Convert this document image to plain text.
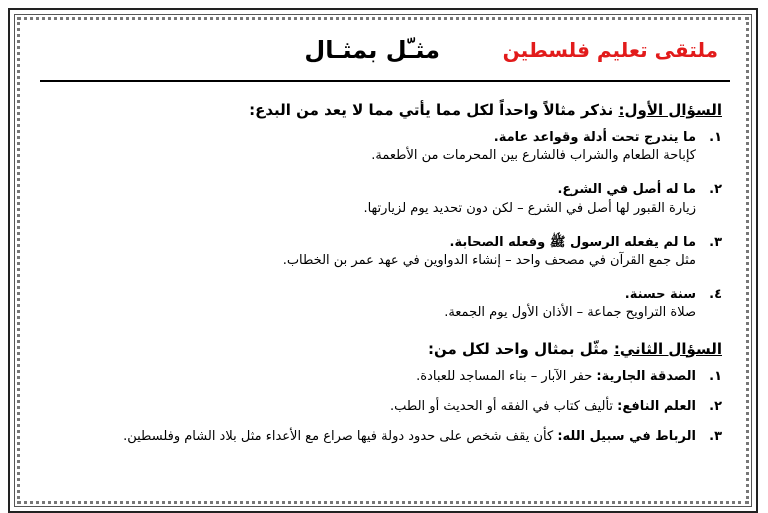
ملتقى تعليم فلسطين
مثـّل بمثـال
السؤال الأول: نذكر مثالاً واحداً لكل مما يأتي مما لا يعد من البدع:
١.ما يندرج تحت أدلة وقواعد عامة.
كإباحة الطعام والشراب فالشارع بين المحرمات من الأطعمة.
٢.ما له أصل في الشرع.
زيارة القبور لها أصل في الشرع – لكن دون تحديد يوم لزيارتها.
٣.ما لم يفعله الرسول ﷺ وفعله الصحابة.
مثل جمع القرآن في مصحف واحد – إنشاء الدواوين في عهد عمر بن الخطاب.
٤.سنة حسنة.
صلاة التراويح جماعة – الأذان الأول يوم الجمعة.
السؤال الثاني: مثّل بمثال واحد لكل من:
١.الصدقة الجارية: حفر الآبار – بناء المساجد للعبادة.
٢.العلم النافع: تأليف كتاب في الفقه أو الحديث أو الطب.
٣.الرباط في سبيل الله: كأن يقف شخص على حدود دولة فيها صراع مع الأعداء مثل بلاد الشام وفلسطين.
